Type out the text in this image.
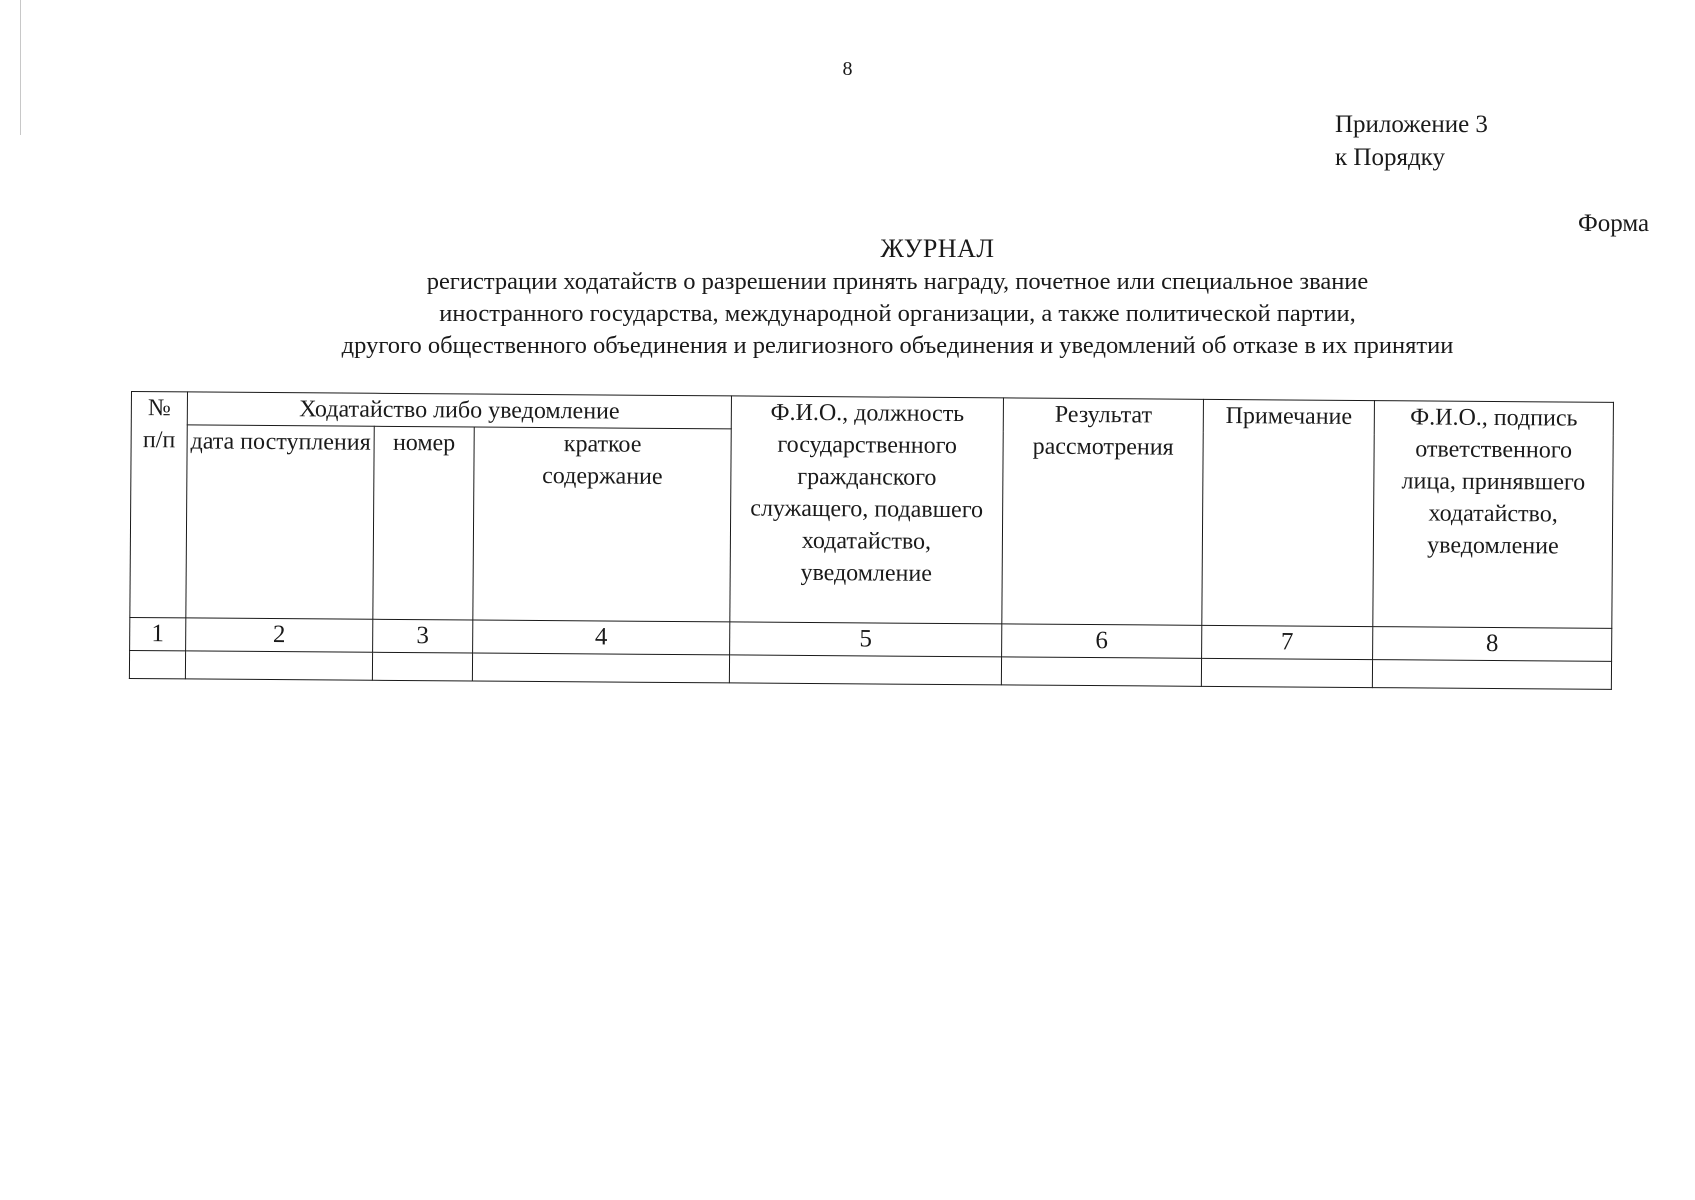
8
Приложение 3
к Порядку
Форма
ЖУРНАЛ
регистрации ходатайств о разрешении принять награду, почетное или специальное звание
иностранного государства, международной организации, а также политической партии,
другого общественного объединения и религиозного объединения и уведомлений об отказе в их принятии
№ п/п	Ходатайство либо уведомление			Ф.И.О., должность государственного гражданского служащего, подавшего ходатайство, уведомление	Результат рассмотрения	Примечание	Ф.И.О., подпись ответственного лица, принявшего ходатайство, уведомление
	дата поступления	номер	краткое содержание				
1	2	3	4	5	6	7	8
